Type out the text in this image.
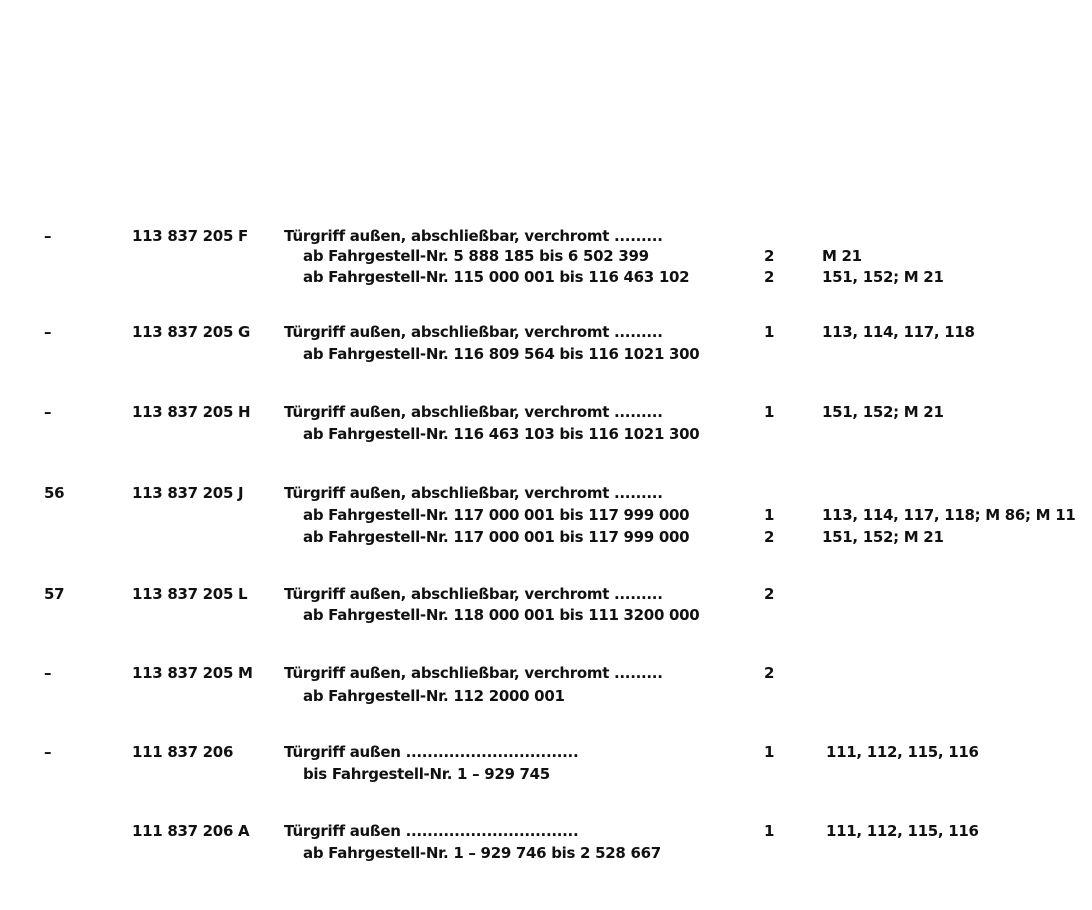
–	113 837 205 F Türgriff außen, abschließbar, verchromt .........
ab Fahrgestell-Nr. 5 888 185 bis 6 502 399	2	M 21
ab Fahrgestell-Nr. 115 000 001 bis 116 463 102	2	151, 152; M 21
–	113 837 205 G Türgriff außen, abschließbar, verchromt .........	1	113, 114, 117, 118
ab Fahrgestell-Nr. 116 809 564 bis 116 1021 300
–	113 837 205 H Türgriff außen, abschließbar, verchromt .........	1	151, 152; M 21
ab Fahrgestell-Nr. 116 463 103 bis 116 1021 300
56	113 837 205 J	Türgriff außen, abschließbar, verchromt .........
ab Fahrgestell-Nr. 117 000 001 bis 117 999 000	1	113, 114, 117, 118; M 86; M 11
ab Fahrgestell-Nr. 117 000 001 bis 117 999 000	2	151, 152; M 21
57	113 837 205 L Türgriff außen, abschließbar, verchromt .........	2
ab Fahrgestell-Nr. 118 000 001 bis 111 3200 000
–	113 837 205 M Türgriff außen, abschließbar, verchromt .........	2
ab Fahrgestell-Nr. 112 2000 001
–	111 837 206	Türgriff außen ................................	1	111, 112, 115, 116
bis Fahrgestell-Nr. 1 – 929 745
111 837 206 A Türgriff außen ................................	1	111, 112, 115, 116
ab Fahrgestell-Nr. 1 – 929 746 bis 2 528 667
